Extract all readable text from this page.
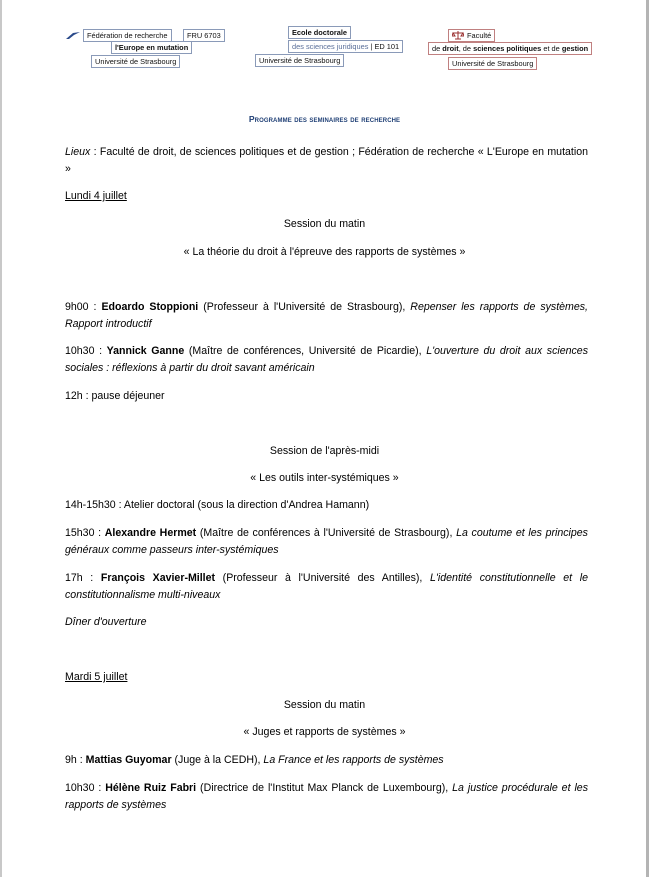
Fédération de recherche	FRU 6703
l'Europe en mutation
Université de Strasbourg
Ecole doctorale
des sciences juridiques | ED 101
Université de Strasbourg
Faculté
de droit, de sciences politiques et de gestion
Université de Strasbourg
Programme des seminaires de recherche
Lieux : Faculté de droit, de sciences politiques et de gestion ; Fédération de recherche « L'Europe en mutation »
Lundi 4 juillet
Session du matin
« La théorie du droit à l'épreuve des rapports de systèmes »
9h00 : Edoardo Stoppioni (Professeur à l'Université de Strasbourg), Repenser les rapports de systèmes, Rapport introductif
10h30 : Yannick Ganne (Maître de conférences, Université de Picardie), L'ouverture du droit aux sciences sociales : réflexions à partir du droit savant américain
12h : pause déjeuner
Session de l'après-midi
« Les outils inter-systémiques »
14h-15h30 : Atelier doctoral (sous la direction d'Andrea Hamann)
15h30 : Alexandre Hermet (Maître de conférences à l'Université de Strasbourg), La coutume et les principes généraux comme passeurs inter-systémiques
17h : François Xavier-Millet (Professeur à l'Université des Antilles), L'identité constitutionnelle et le constitutionnalisme multi-niveaux
Dîner d'ouverture
Mardi 5 juillet
Session du matin
« Juges et rapports de systèmes »
9h : Mattias Guyomar (Juge à la CEDH), La France et les rapports de systèmes
10h30 : Hélène Ruiz Fabri (Directrice de l'Institut Max Planck de Luxembourg), La justice procédurale et les rapports de systèmes
